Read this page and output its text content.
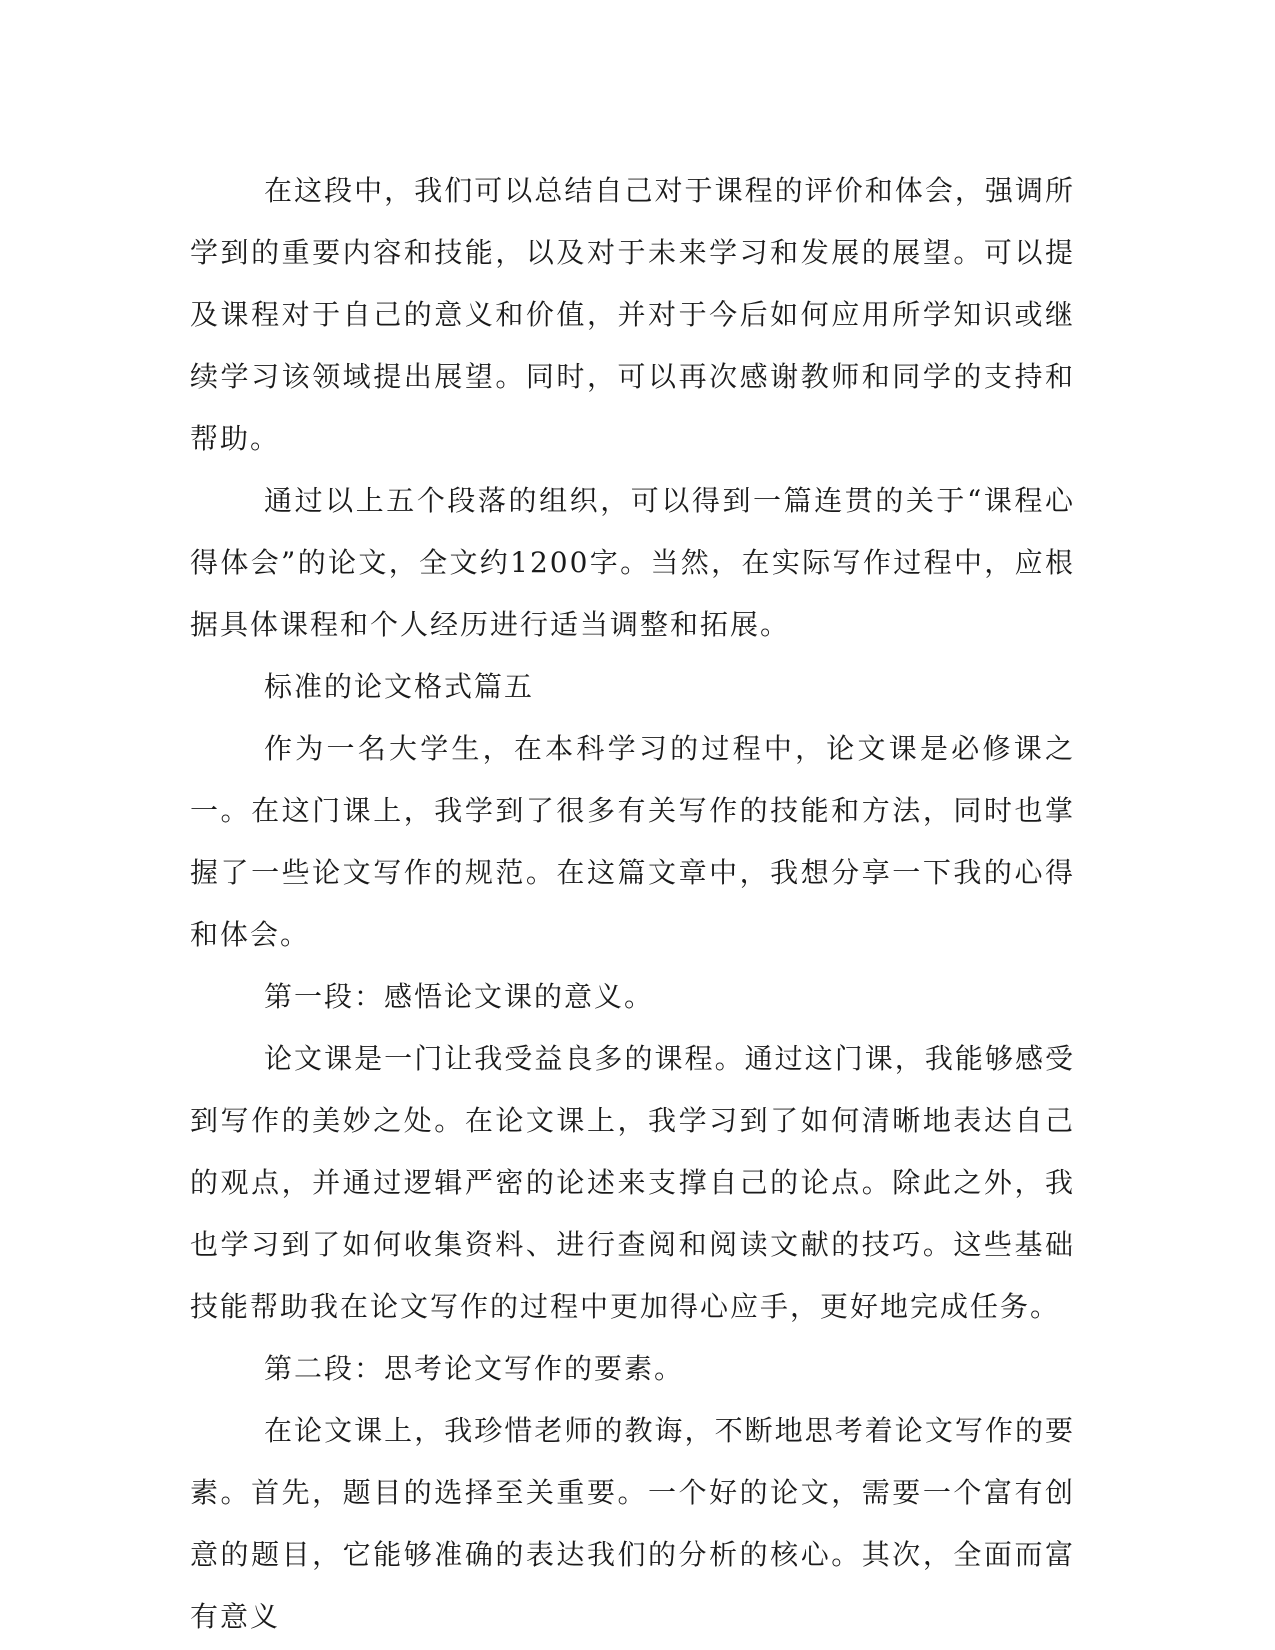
在这段中，我们可以总结自己对于课程的评价和体会，强调所学到的重要内容和技能，以及对于未来学习和发展的展望。可以提及课程对于自己的意义和价值，并对于今后如何应用所学知识或继续学习该领域提出展望。同时，可以再次感谢教师和同学的支持和帮助。

通过以上五个段落的组织，可以得到一篇连贯的关于“课程心得体会”的论文，全文约1200字。当然，在实际写作过程中，应根据具体课程和个人经历进行适当调整和拓展。

标准的论文格式篇五

作为一名大学生，在本科学习的过程中，论文课是必修课之一。在这门课上，我学到了很多有关写作的技能和方法，同时也掌握了一些论文写作的规范。在这篇文章中，我想分享一下我的心得和体会。

第一段：感悟论文课的意义。

论文课是一门让我受益良多的课程。通过这门课，我能够感受到写作的美妙之处。在论文课上，我学习到了如何清晰地表达自己的观点，并通过逻辑严密的论述来支撑自己的论点。除此之外，我也学习到了如何收集资料、进行查阅和阅读文献的技巧。这些基础技能帮助我在论文写作的过程中更加得心应手，更好地完成任务。

第二段：思考论文写作的要素。

在论文课上，我珍惜老师的教诲，不断地思考着论文写作的要素。首先，题目的选择至关重要。一个好的论文，需要一个富有创意的题目，它能够准确的表达我们的分析的核心。其次，全面而富有意义
